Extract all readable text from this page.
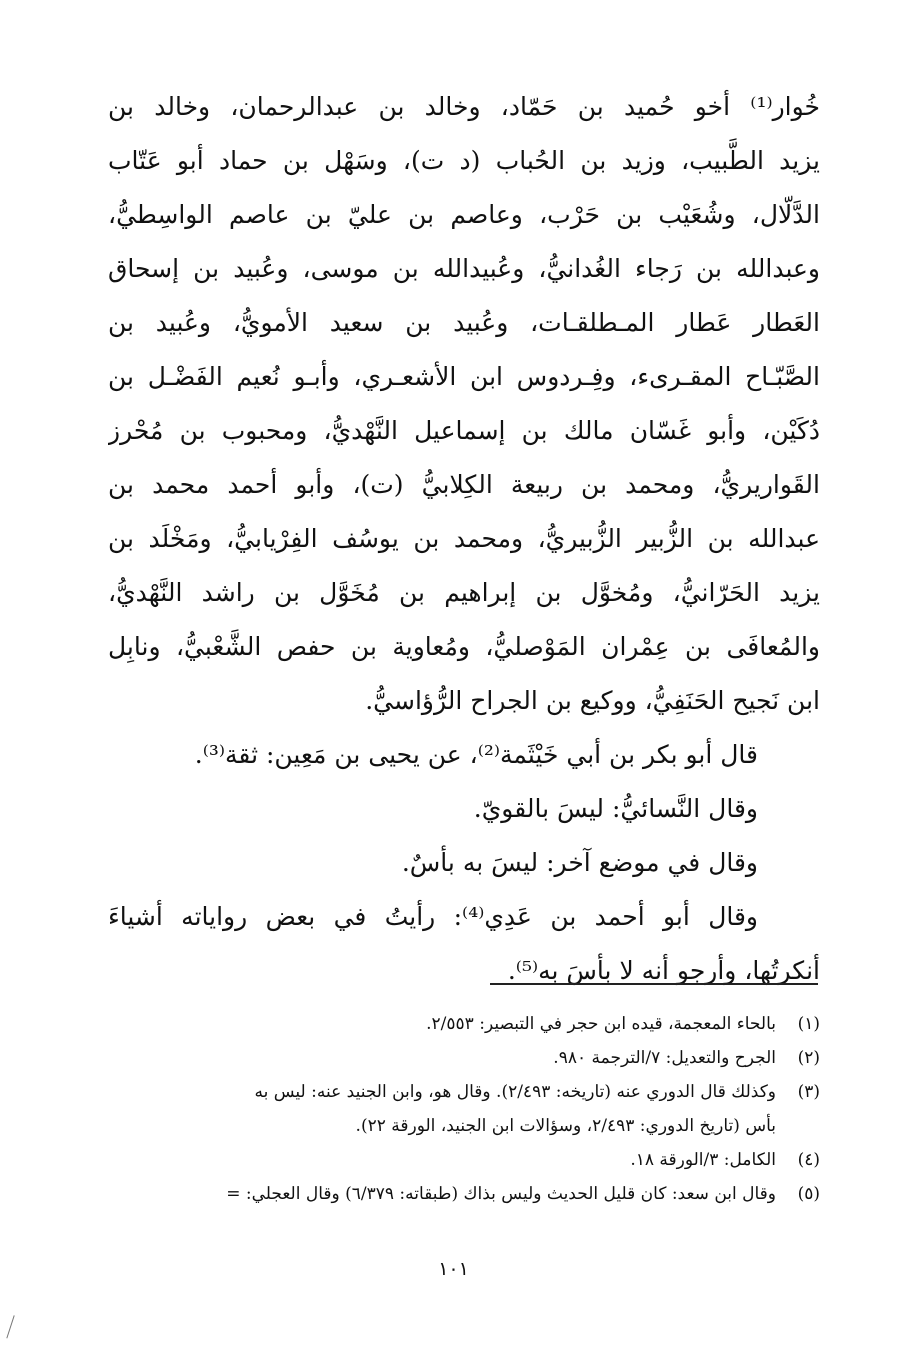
خُوار⁽¹⁾ أخو حُميد بن حَمّاد، وخالد بن عبدالرحمان، وخالد بن
يزيد الطَّبيب، وزيد بن الحُباب (د ت)، وسَهْل بن حماد أبو عَتّاب
الدَّلّال، وشُعَيْب بن حَرْب، وعاصم بن عليّ بن عاصم الواسِطيُّ،
وعبدالله بن رَجاء الغُدانيُّ، وعُبيدالله بن موسى، وعُبيد بن إسحاق
العَطار عَطار المـطلقـات، وعُبيد بن سعيد الأمويُّ، وعُبيد بن
الصَّبّـاح المقـرىء، وفِـردوس ابن الأشعـري، وأبـو نُعيم الفَضْـل بن
دُكَيْن، وأبو غَسّان مالك بن إسماعيل النَّهْديُّ، ومحبوب بن مُحْرز
القَواريريُّ، ومحمد بن ربيعة الكِلابيُّ (ت)، وأبو أحمد محمد بن
عبدالله بن الزُّبير الزُّبيريُّ، ومحمد بن يوسُف الفِرْيابيُّ، ومَخْلَد بن
يزيد الحَرّانيُّ، ومُخوَّل بن إبراهيم بن مُخَوَّل بن راشد النَّهْديُّ،
والمُعافَى بن عِمْران المَوْصليُّ، ومُعاوية بن حفص الشَّعْبيُّ، ونابِل
ابن نَجيح الحَنَفِيُّ، ووكيع بن الجراح الرُّؤاسيُّ.
قال أبو بكر بن أبي خَيْثَمة⁽²⁾، عن يحيى بن مَعِين: ثقة⁽³⁾.
وقال النَّسائيُّ: ليسَ بالقويّ.
وقال في موضع آخر: ليسَ به بأسٌ.
وقال أبو أحمد بن عَدِي⁽⁴⁾: رأيتُ في بعض رواياته أشياءَ
أنكرتُها، وأرجو أنه لا بأسَ به⁽⁵⁾.
(١)
بالحاء المعجمة، قيده ابن حجر في التبصير: ٢/٥٥٣.
(٢)
الجرح والتعديل: ٧/الترجمة ٩٨٠.
(٣)
وكذلك قال الدوري عنه (تاريخه: ٢/٤٩٣). وقال هو، وابن الجنيد عنه: ليس به
بأس (تاريخ الدوري: ٢/٤٩٣، وسؤالات ابن الجنيد، الورقة ٢٢).
(٤)
الكامل: ٣/الورقة ١٨.
(٥)
وقال ابن سعد: كان قليل الحديث وليس بذاك (طبقاته: ٦/٣٧٩) وقال العجلي: =
١٠١
